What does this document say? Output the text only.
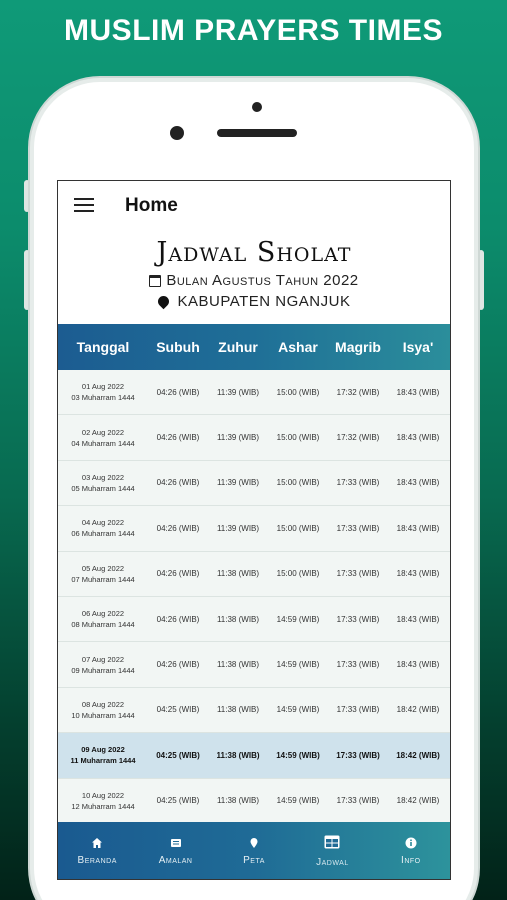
MUSLIM PRAYERS TIMES
Home
Jadwal Sholat
Bulan Agustus Tahun 2022
KABUPATEN NGANJUK
Tanggal	Subuh	Zuhur	Ashar	Magrib	Isya'
01 Aug 2022
03 Muharram 1444
04:26 (WIB)	11:39 (WIB)	15:00 (WIB)	17:32 (WIB)	18:43 (WIB)
02 Aug 2022
04 Muharram 1444
04:26 (WIB)	11:39 (WIB)	15:00 (WIB)	17:32 (WIB)	18:43 (WIB)
03 Aug 2022
05 Muharram 1444
04:26 (WIB)	11:39 (WIB)	15:00 (WIB)	17:33 (WIB)	18:43 (WIB)
04 Aug 2022
06 Muharram 1444
04:26 (WIB)	11:39 (WIB)	15:00 (WIB)	17:33 (WIB)	18:43 (WIB)
05 Aug 2022
07 Muharram 1444
04:26 (WIB)	11:38 (WIB)	15:00 (WIB)	17:33 (WIB)	18:43 (WIB)
06 Aug 2022
08 Muharram 1444
04:26 (WIB)	11:38 (WIB)	14:59 (WIB)	17:33 (WIB)	18:43 (WIB)
07 Aug 2022
09 Muharram 1444
04:26 (WIB)	11:38 (WIB)	14:59 (WIB)	17:33 (WIB)	18:43 (WIB)
08 Aug 2022
10 Muharram 1444
04:25 (WIB)	11:38 (WIB)	14:59 (WIB)	17:33 (WIB)	18:42 (WIB)
09 Aug 2022
11 Muharram 1444
04:25 (WIB)	11:38 (WIB)	14:59 (WIB)	17:33 (WIB)	18:42 (WIB)
10 Aug 2022
12 Muharram 1444
04:25 (WIB)	11:38 (WIB)	14:59 (WIB)	17:33 (WIB)	18:42 (WIB)
Beranda	Amalan	Peta	Jadwal	Info
